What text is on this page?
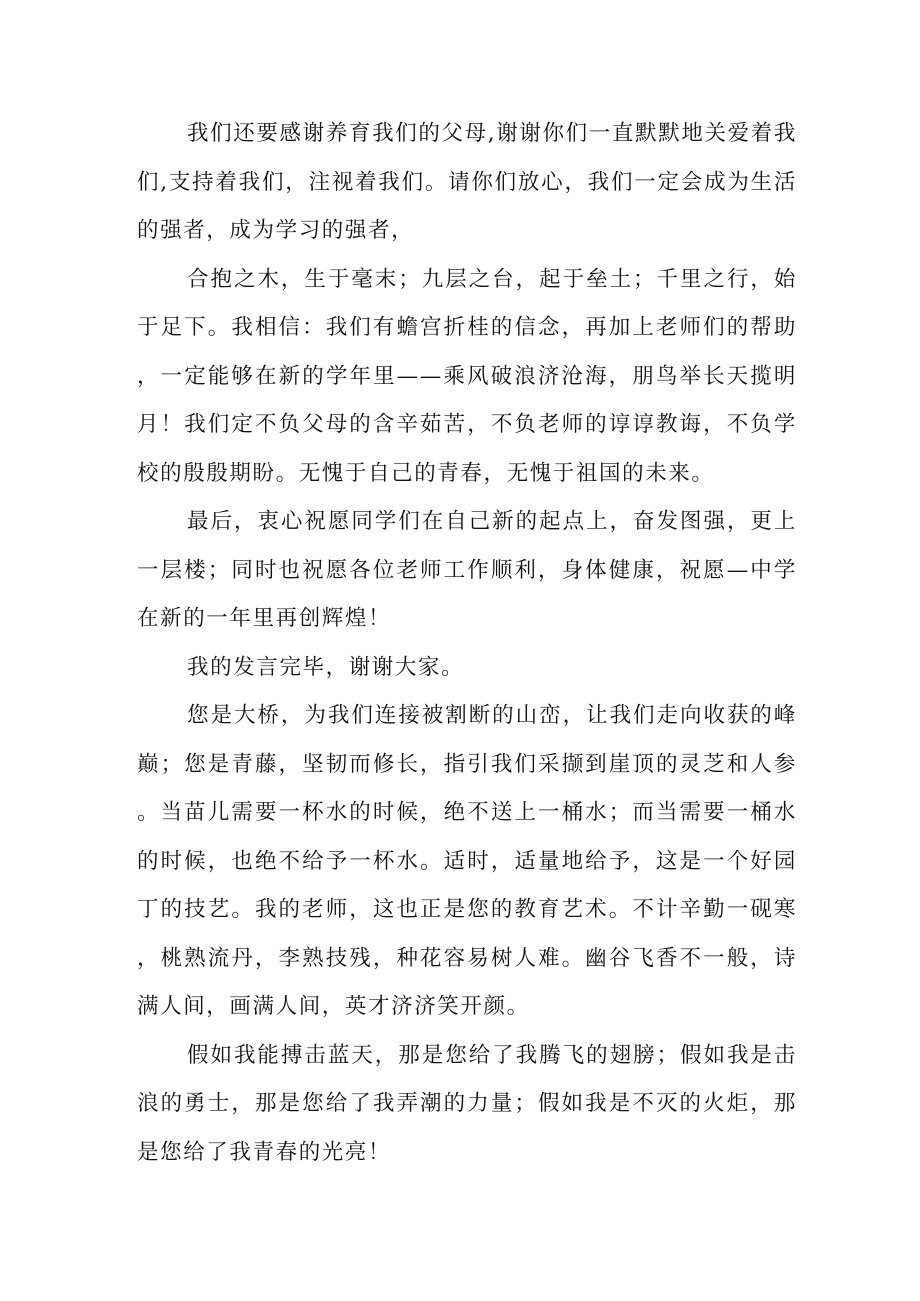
我们还要感谢养育我们的父母,谢谢你们一直默默地关爱着我们,支持着我们，注视着我们。请你们放心，我们一定会成为生活的强者，成为学习的强者，

合抱之木，生于毫末；九层之台，起于垒土；千里之行，始于足下。我相信：我们有蟾宫折桂的信念，再加上老师们的帮助，一定能够在新的学年里——乘风破浪济沧海，朋鸟举长天揽明月！我们定不负父母的含辛茹苦，不负老师的谆谆教诲，不负学校的殷殷期盼。无愧于自己的青春，无愧于祖国的未来。

最后，衷心祝愿同学们在自己新的起点上，奋发图强，更上一层楼；同时也祝愿各位老师工作顺利，身体健康，祝愿—中学在新的一年里再创辉煌！

我的发言完毕，谢谢大家。

您是大桥，为我们连接被割断的山峦，让我们走向收获的峰巅；您是青藤，坚韧而修长，指引我们采撷到崖顶的灵芝和人参。当苗儿需要一杯水的时候，绝不送上一桶水；而当需要一桶水的时候，也绝不给予一杯水。适时，适量地给予，这是一个好园丁的技艺。我的老师，这也正是您的教育艺术。不计辛勤一砚寒，桃熟流丹，李熟技残，种花容易树人难。幽谷飞香不一般，诗满人间，画满人间，英才济济笑开颜。

假如我能搏击蓝天，那是您给了我腾飞的翅膀；假如我是击浪的勇士，那是您给了我弄潮的力量；假如我是不灭的火炬，那是您给了我青春的光亮！
